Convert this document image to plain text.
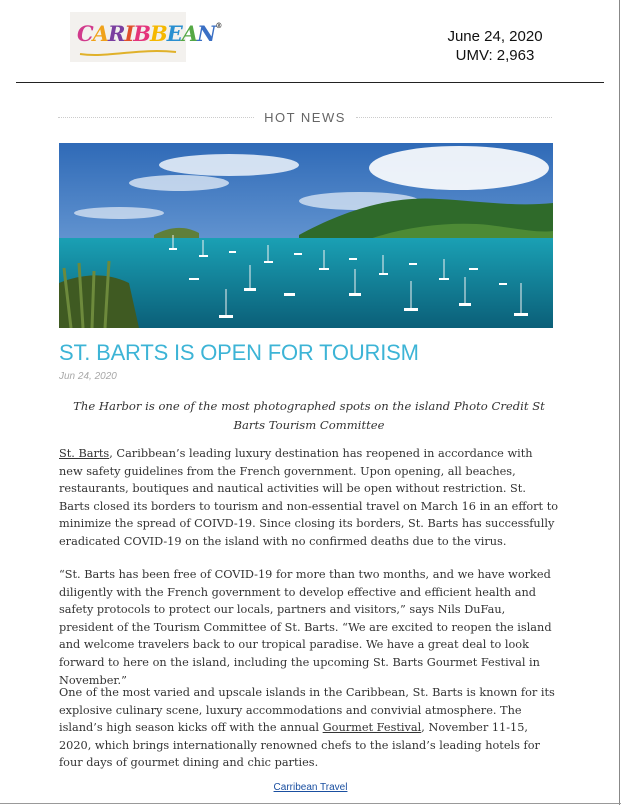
CARIBBEAN®
June 24, 2020
UMV: 2,963
HOT NEWS
ST. BARTS IS OPEN FOR TOURISM
Jun 24, 2020

The Harbor is one of the most photographed spots on the island Photo Credit St Barts Tourism Committee

St. Barts, Caribbean’s leading luxury destination has reopened in accordance with new safety guidelines from the French government. Upon opening, all beaches, restaurants, boutiques and nautical activities will be open without restriction. St. Barts closed its borders to tourism and non-essential travel on March 16 in an effort to minimize the spread of COIVD-19. Since closing its borders, St. Barts has successfully eradicated COVID-19 on the island with no confirmed deaths due to the virus.

“St. Barts has been free of COVID-19 for more than two months, and we have worked diligently with the French government to develop effective and efficient health and safety protocols to protect our locals, partners and visitors,” says Nils DuFau, president of the Tourism Committee of St. Barts. “We are excited to reopen the island and welcome travelers back to our tropical paradise. We have a great deal to look forward to here on the island, including the upcoming St. Barts Gourmet Festival in November.”

One of the most varied and upscale islands in the Caribbean, St. Barts is known for its explosive culinary scene, luxury accommodations and convivial atmosphere. The island’s high season kicks off with the annual Gourmet Festival, November 11-15, 2020, which brings internationally renowned chefs to the island’s leading hotels for four days of gourmet dining and chic parties.

Carribean Travel
